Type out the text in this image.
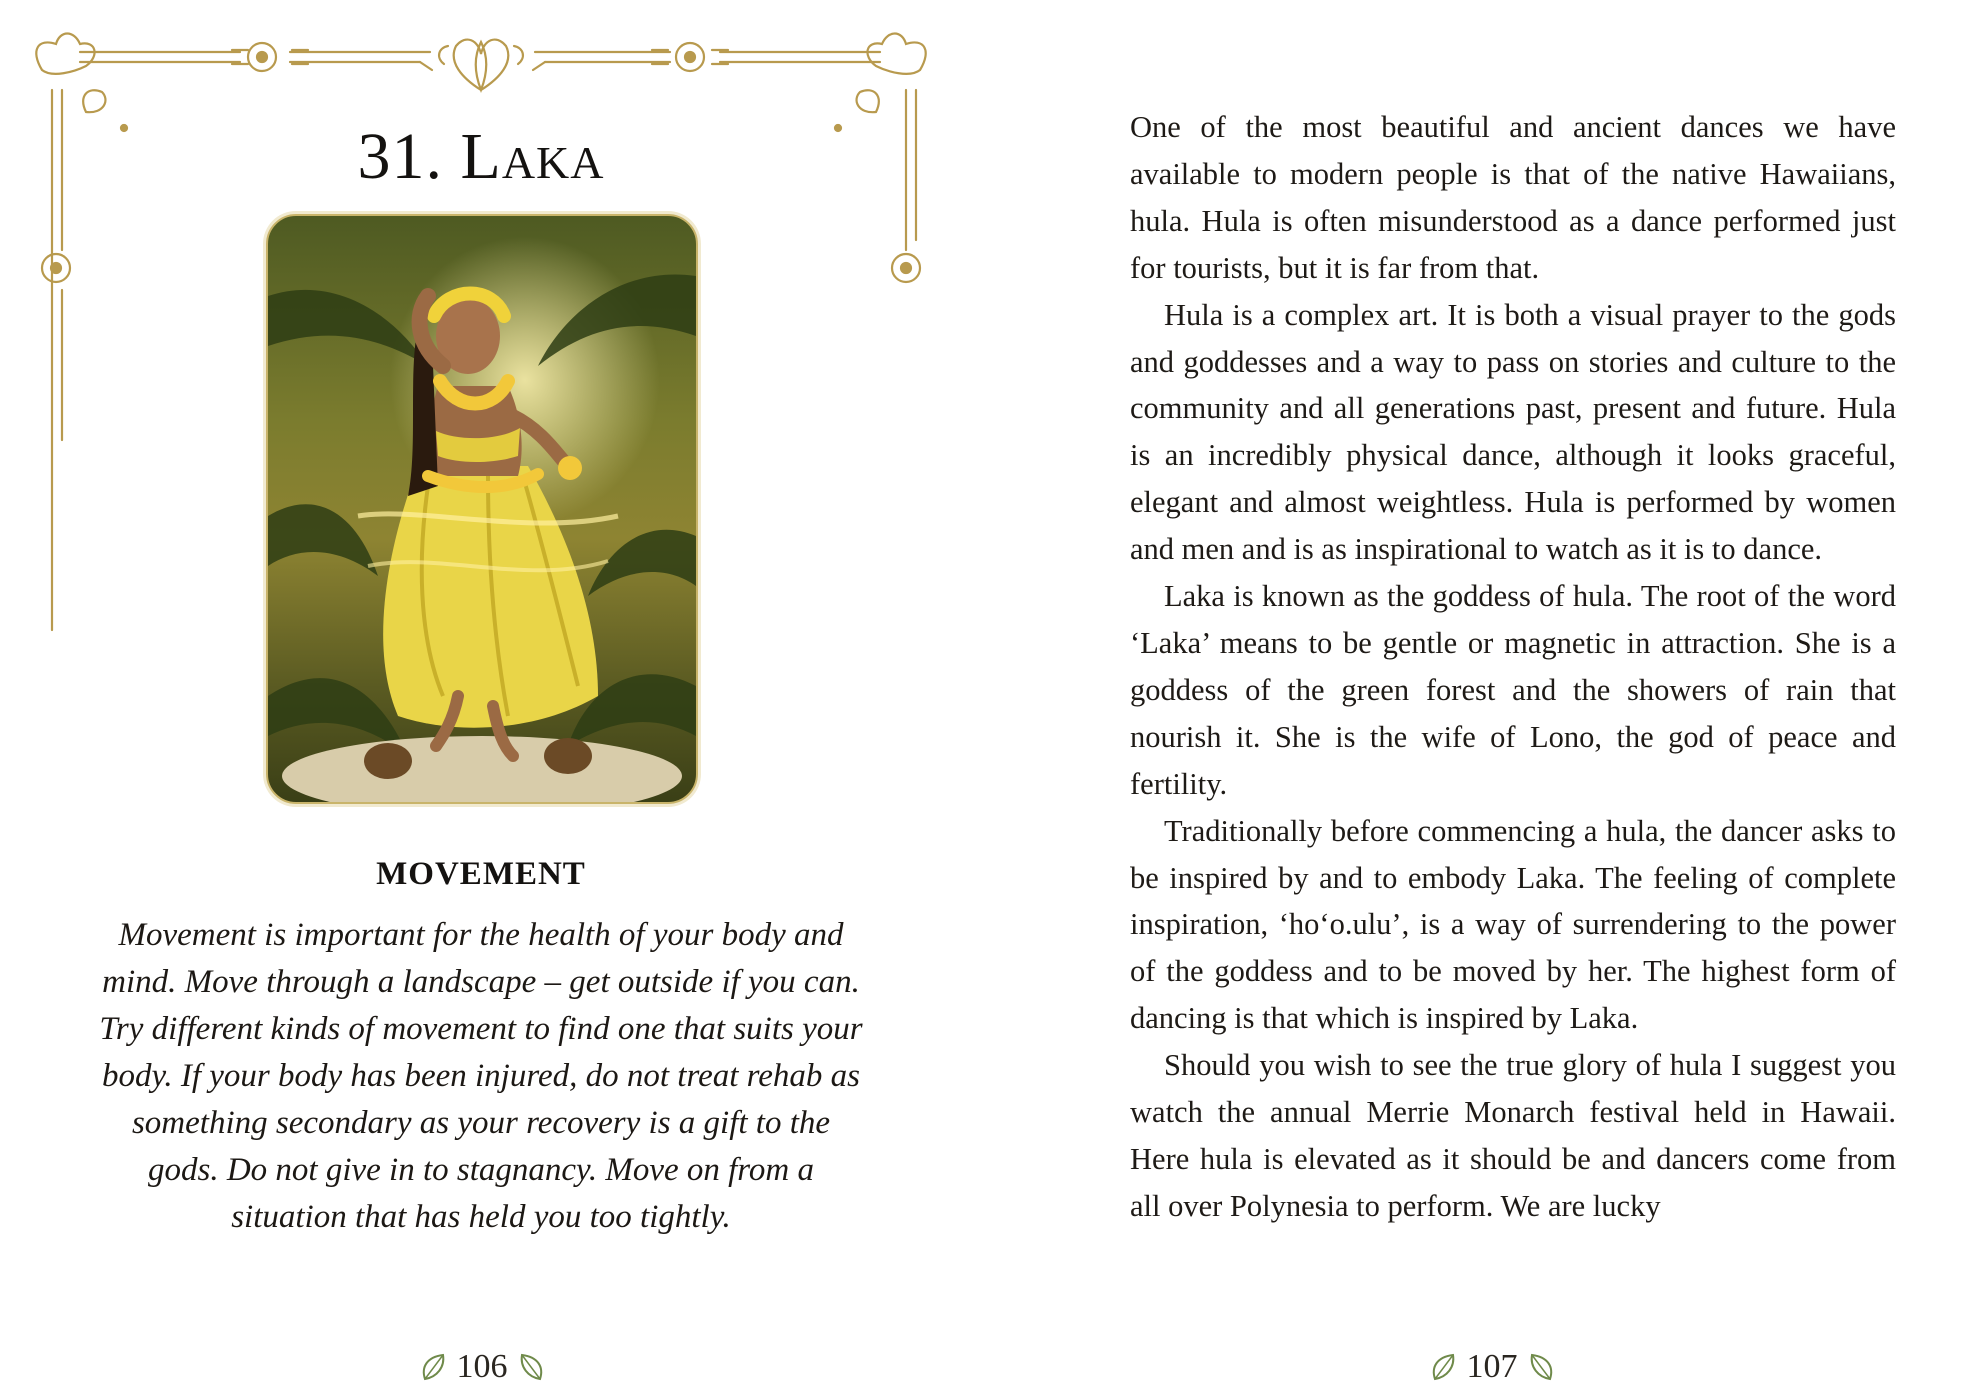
31. Laka
MOVEMENT

Movement is important for the health of your body and mind. Move through a landscape – get outside if you can. Try different kinds of movement to find one that suits your body. If your body has been injured, do not treat rehab as something secondary as your recovery is a gift to the gods. Do not give in to stagnancy. Move on from a situation that has held you too tightly.

106

One of the most beautiful and ancient dances we have available to modern people is that of the native Hawaiians, hula. Hula is often misunderstood as a dance performed just for tourists, but it is far from that.

Hula is a complex art. It is both a visual prayer to the gods and goddesses and a way to pass on stories and culture to the community and all generations past, present and future. Hula is an incredibly physical dance, although it looks graceful, elegant and almost weightless. Hula is performed by women and men and is as inspirational to watch as it is to dance.

Laka is known as the goddess of hula. The root of the word ‘Laka’ means to be gentle or magnetic in attraction. She is a goddess of the green forest and the showers of rain that nourish it. She is the wife of Lono, the god of peace and fertility.

Traditionally before commencing a hula, the dancer asks to be inspired by and to embody Laka. The feeling of complete inspiration, ‘ho‘o.ulu’, is a way of surrendering to the power of the goddess and to be moved by her. The highest form of dancing is that which is inspired by Laka.

Should you wish to see the true glory of hula I suggest you watch the annual Merrie Monarch festival held in Hawaii. Here hula is elevated as it should be and dancers come from all over Polynesia to perform. We are lucky

107
